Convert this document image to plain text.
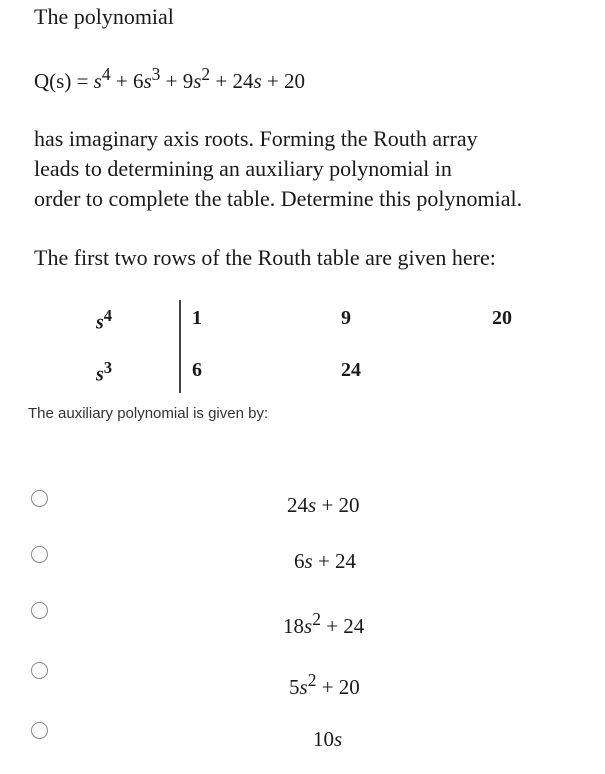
The polynomial
$Q(s) = s^4 + 6s^3 + 9s^2 + 24s + 20$
has imaginary axis roots. Forming the Routh array
leads to determining an auxiliary polynomial in
order to complete the table. Determine this polynomial.
The first two rows of the Routh table are given here:
$s^4$	1	9	20
$s^3$	6	24
The auxiliary polynomial is given by:
24s + 20
6s + 24
$18s^2 + 24$
$5s^2 + 20$
10s
